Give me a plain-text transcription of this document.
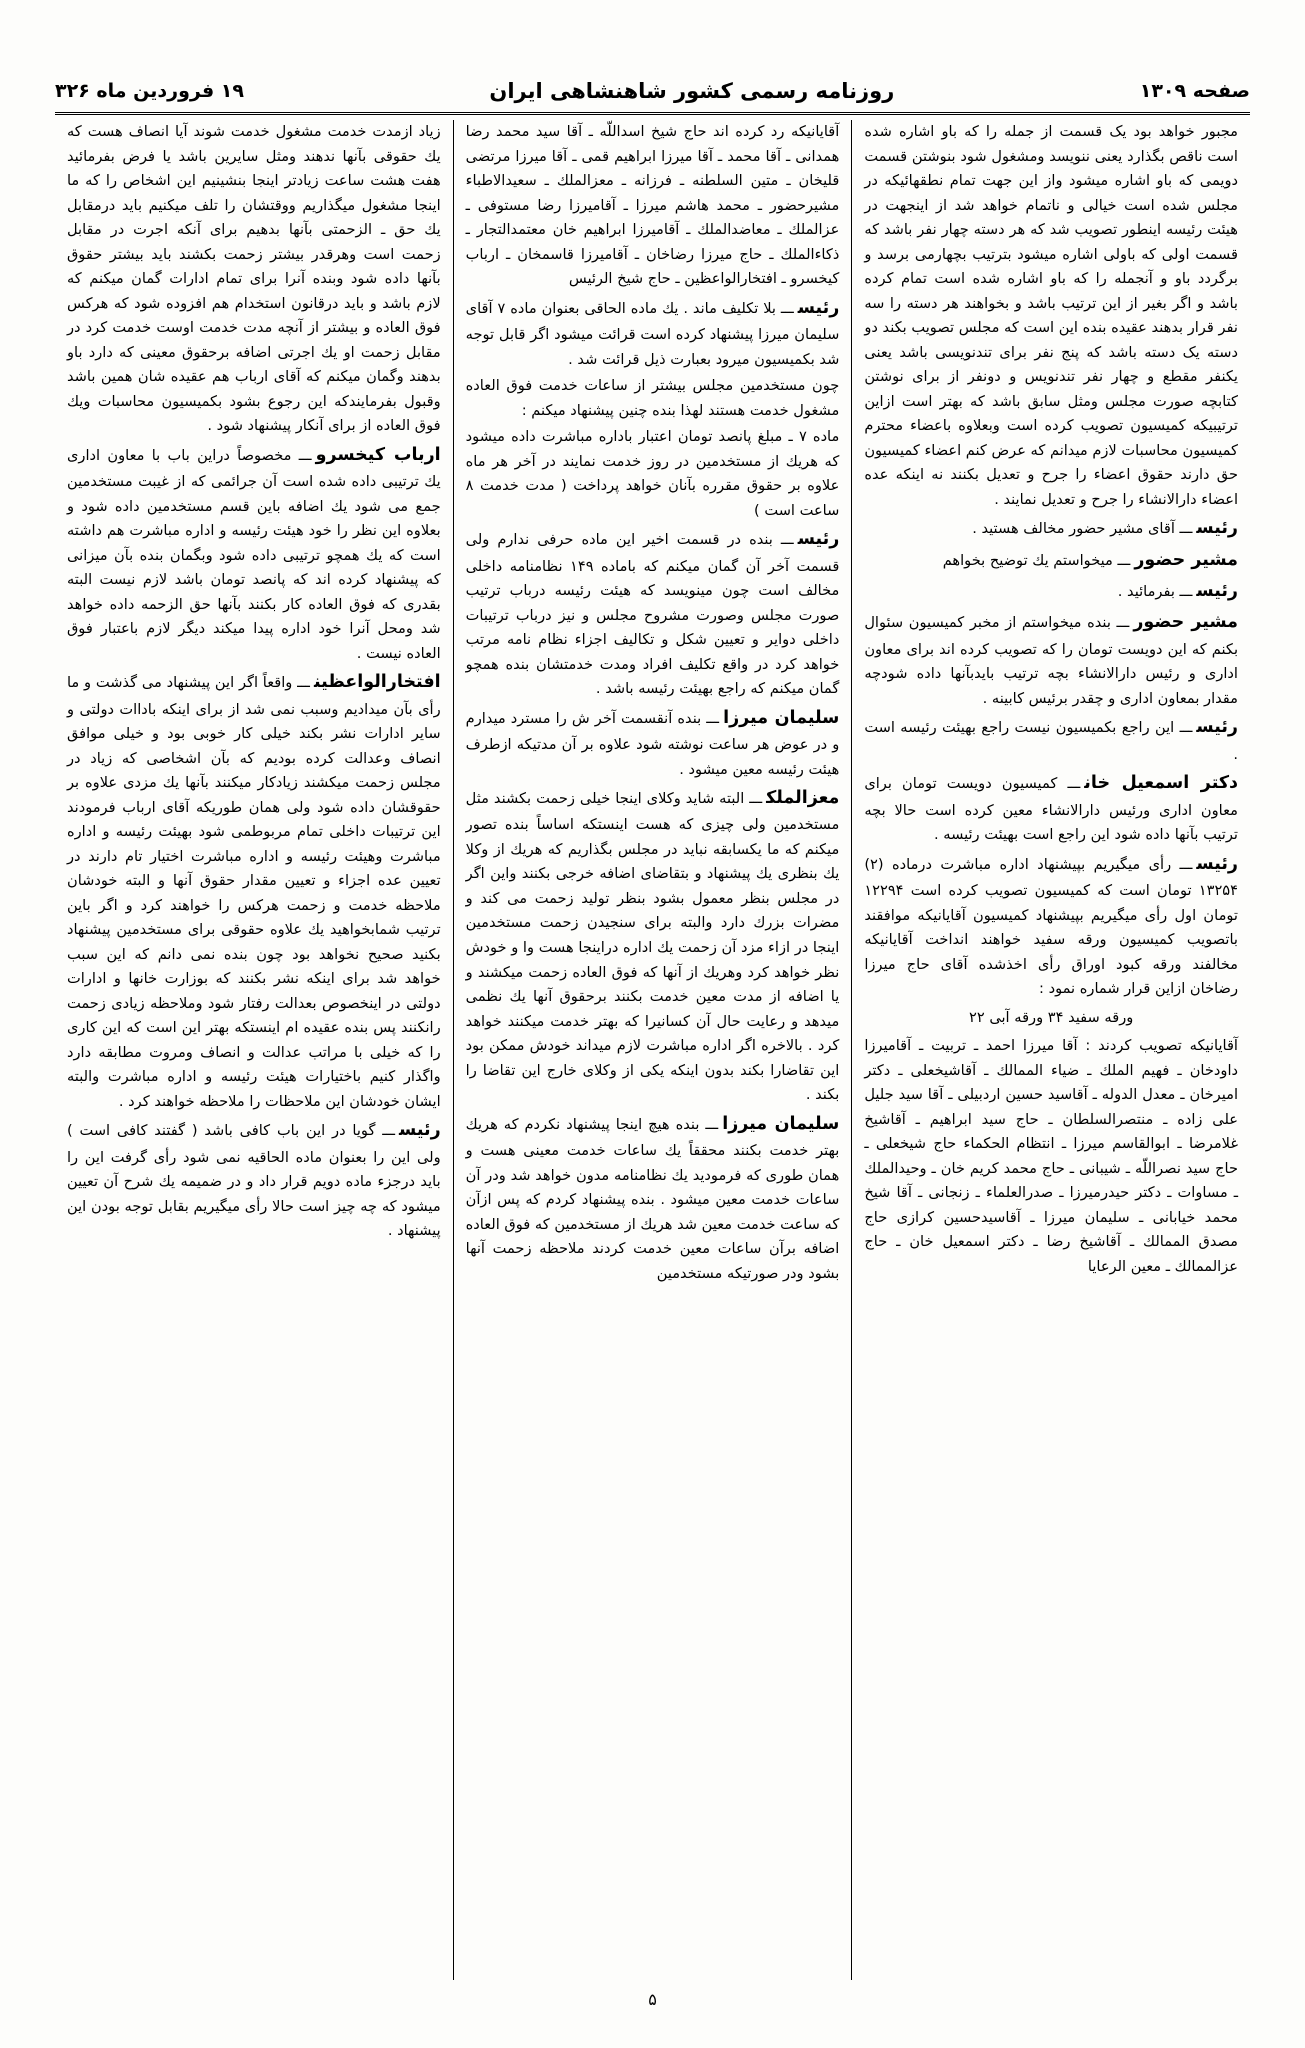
صفحه ۱۳۰۹
روزنامه رسمی کشور شاهنشاهی ایران
۱۹ فروردین ماه ۳۲۶

مجبور خواهد بود یک قسمت از جمله را که باو اشاره شده است ناقص بگذارد یعنی ننویسد ومشغول شود بنوشتن قسمت دویمی که باو اشاره میشود واز این جهت تمام نطقهائیکه در مجلس شده است خیالی و ناتمام خواهد شد از اینجهت در هیئت رئیسه اینطور تصویب شد که هر دسته چهار نفر باشد که قسمت اولی که باولی اشاره میشود بترتیب بچهارمی برسد و برگردد باو و آنجمله را که باو اشاره شده است تمام کرده باشد و اگر بغیر از این ترتیب باشد و بخواهند هر دسته را سه نفر قرار بدهند عقیده بنده این است که مجلس تصویب بکند دو دسته یک دسته باشد که پنج نفر برای تندنویسی باشد یعنی یکنفر مقطع و چهار نفر تندنویس و دونفر از برای نوشتن کتابچه صورت مجلس ومثل سابق باشد که بهتر است ازاین ترتیبیکه کمیسیون تصویب کرده است وبعلاوه باعضاء محترم کمیسیون محاسبات لازم میدانم که عرض کنم اعضاء کمیسیون حق دارند حقوق اعضاء را جرح و تعدیل بکنند نه اینکه عده اعضاء دارالانشاء را جرح و تعدیل نمایند .

رئیســـ آقای مشیر حضور مخالف هستید .

مشیر حضورـــ میخواستم یك توضیح بخواهم

رئیســـ بفرمائید .

مشیر حضورـــ بنده میخواستم از مخبر کمیسیون سئوال بکنم که این دویست تومان را که تصویب کرده اند برای معاون اداری و رئیس دارالانشاء بچه ترتیب بایدبآنها داده شودچه مقدار بمعاون اداری و چقدر برئیس کابینه .

رئیســـ این راجع بکمیسیون نیست راجع بهیئت رئیسه است .

دکتر اسمعیل خانـــ کمیسیون دویست تومان برای معاون اداری ورئیس دارالانشاء معین کرده است حالا بچه ترتیب بآنها داده شود این راجع است بهیئت رئیسه .

رئیســـ رأی میگیریم بپیشنهاد اداره مباشرت درماده (۲) ۱۳۲۵۴ تومان است که کمیسیون تصویب کرده است ۱۲۲۹۴ تومان اول رأی میگیریم بپیشنهاد کمیسیون آقایانیکه موافقند باتصویب کمیسیون ورقه سفید خواهند انداخت آقایانیکه مخالفند ورقه کبود اوراق رأی اخذشده آقای حاج میرزا رضاخان ازاین قرار شماره نمود :

ورقه سفید ۳۴ ورقه آبی ۲۲

آقایانیکه تصویب کردند : آقا میرزا احمد ـ تربیت ـ آقامیرزا داودخان ـ فهیم الملك ـ ضیاء الممالك ـ آقاشیخعلی ـ دکتر امیرخان ـ معدل الدوله ـ آقاسید حسین اردبیلی ـ آقا سید جلیل علی زاده ـ منتصرالسلطان ـ حاج سید ابراهیم ـ آقاشیخ غلامرضا ـ ابوالقاسم میرزا ـ انتظام الحکماء حاج شیخعلی ـ حاج سید نصراللّه ـ شیبانی ـ حاج محمد کریم خان ـ وحیدالملك ـ مساوات ـ دکتر حیدرمیرزا ـ صدرالعلماء ـ زنجانی ـ آقا شیخ محمد خیابانی ـ سلیمان میرزا ـ آقاسیدحسین کرازی حاج مصدق الممالك ـ آقاشیخ رضا ـ دکتر اسمعیل خان ـ حاج عزالممالك ـ معین الرعایا

آقایانیکه رد کرده اند حاج شیخ اسداللّه ـ آقا سید محمد رضا همدانی ـ آقا محمد ـ آقا میرزا ابراهیم قمی ـ آقا میرزا مرتضی قلیخان ـ متین السلطنه ـ فرزانه ـ معزالملك ـ سعیدالاطباء مشیرحضور ـ محمد هاشم میرزا ـ آقامیرزا رضا مستوفی ـ عزالملك ـ معاضدالملك ـ آقامیرزا ابراهیم خان معتمدالتجار ـ ذکاءالملك ـ حاج میرزا رضاخان ـ آقامیرزا قاسمخان ـ ارباب کیخسرو ـ افتخارالواعظین ـ حاج شیخ الرئیس

رئیســـ بلا تکلیف ماند . یك ماده الحاقی بعنوان ماده ۷ آقای سلیمان میرزا پیشنهاد کرده است قرائت میشود اگر قابل توجه شد بکمیسیون میرود بعبارت ذیل قرائت شد .

چون مستخدمین مجلس بیشتر از ساعات خدمت فوق العاده مشغول خدمت هستند لهذا بنده چنین پیشنهاد میکنم :

ماده ۷ ـ مبلغ پانصد تومان اعتبار باداره مباشرت داده میشود که هریك از مستخدمین در روز خدمت نمایند در آخر هر ماه علاوه بر حقوق مقرره بآنان خواهد پرداخت ( مدت خدمت ۸ ساعت است )

رئیســـ بنده در قسمت اخیر این ماده حرفی ندارم ولی قسمت آخر آن گمان میکنم که باماده ۱۴۹ نظامنامه داخلی مخالف است چون مینویسد که هیئت رئیسه درباب ترتیب صورت مجلس وصورت مشروح مجلس و نیز درباب ترتیبات داخلی دوایر و تعیین شکل و تکالیف اجزاء نظام نامه مرتب خواهد کرد در واقع تکلیف افراد ومدت خدمتشان بنده همچو گمان میکنم که راجع بهیئت رئیسه باشد .

سلیمان میرزاـــ بنده آنقسمت آخر ش را مسترد میدارم و در عوض هر ساعت نوشته شود علاوه بر آن مدتیکه ازطرف هیئت رئیسه معین میشود .

معزالملكـــ البته شاید وکلای اینجا خیلی زحمت بکشند مثل مستخدمین ولی چیزی که هست اینستکه اساساً بنده تصور میکنم که ما یکسابقه نباید در مجلس بگذاریم که هریك از وکلا یك بنظری یك پیشنهاد و بتقاضای اضافه خرجی بکنند واین اگر در مجلس بنظر معمول بشود بنظر تولید زحمت می کند و مضرات بزرك دارد والبته برای سنجیدن زحمت مستخدمین اینجا در ازاء مزد آن زحمت یك اداره دراینجا هست وا و خودش نظر خواهد کرد وهریك از آنها که فوق العاده زحمت میکشند و یا اضافه از مدت معین خدمت بکنند برحقوق آنها یك نظمی میدهد و رعایت حال آن کسانیرا که بهتر خدمت میکنند خواهد کرد . بالاخره اگر اداره مباشرت لازم میداند خودش ممکن بود این تقاضارا بکند بدون اینکه یکی از وکلای خارج این تقاضا را بکند .

سلیمان میرزاـــ بنده هیچ اینجا پیشنهاد نکردم که هریك بهتر خدمت بکنند محققاً یك ساعات خدمت معینی هست و همان طوری که فرمودید یك نظامنامه مدون خواهد شد ودر آن ساعات خدمت معین میشود . بنده پیشنهاد کردم که پس ازآن که ساعت خدمت معین شد هریك از مستخدمین که فوق العاده اضافه برآن ساعات معین خدمت کردند ملاحظه زحمت آنها بشود ودر صورتیکه مستخدمین

زیاد ازمدت خدمت مشغول خدمت شوند آیا انصاف هست که یك حقوقی بآنها ندهند ومثل سایرین باشد یا فرض بفرمائید هفت هشت ساعت زیادتر اینجا بنشینیم این اشخاص را که ما اینجا مشغول میگذاریم ووقتشان را تلف میکنیم باید درمقابل یك حق ـ الزحمتی بآنها بدهیم برای آنکه اجرت در مقابل زحمت است وهرقدر بیشتر زحمت بکشند باید بیشتر حقوق بآنها داده شود وبنده آنرا برای تمام ادارات گمان میکنم که لازم باشد و باید درقانون استخدام هم افزوده شود که هرکس فوق العاده و بیشتر از آنچه مدت خدمت اوست خدمت کرد در مقابل زحمت او یك اجرتی اضافه برحقوق معینی که دارد باو بدهند وگمان میکنم که آقای ارباب هم عقیده شان همین باشد وقبول بفرمایندکه این رجوع بشود بکمیسیون محاسبات ویك فوق العاده از برای آنکار پیشنهاد شود .

ارباب کیخسروـــ مخصوصاً دراین باب با معاون اداری یك ترتیبی داده شده است آن جرائمی که از غیبت مستخدمین جمع می شود یك اضافه باین قسم مستخدمین داده شود و بعلاوه این نظر را خود هیئت رئیسه و اداره مباشرت هم داشته است که یك همچو ترتیبی داده شود وبگمان بنده بآن میزانی که پیشنهاد کرده اند که پانصد تومان باشد لازم نیست البته بقدری که فوق العاده کار بکنند بآنها حق الزحمه داده خواهد شد ومحل آنرا خود اداره پیدا میکند دیگر لازم باعتبار فوق العاده نیست .

افتخارالواعظینـــ واقعاً اگر این پیشنهاد می گذشت و ما رأی بآن میدادیم وسبب نمی شد از برای اینکه باداات دولتی و سایر ادارات نشر بکند خیلی کار خوبی بود و خیلی موافق انصاف وعدالت کرده بودیم که بآن اشخاصی که زیاد در مجلس زحمت میکشند زیادکار میکنند بآنها یك مزدی علاوه بر حقوقشان داده شود ولی همان طوریکه آقای ارباب فرمودند این ترتیبات داخلی تمام مربوطمی شود بهیئت رئیسه و اداره مباشرت وهیئت رئیسه و اداره مباشرت اختیار تام دارند در تعیین عده اجزاء و تعیین مقدار حقوق آنها و البته خودشان ملاحظه خدمت و زحمت هرکس را خواهند کرد و اگر باین ترتیب شمابخواهید یك علاوه حقوقی برای مستخدمین پیشنهاد بکنید صحیح نخواهد بود چون بنده نمی دانم که این سبب خواهد شد برای اینکه نشر بکنند که بوزارت خانها و ادارات دولتی در اینخصوص بعدالت رفتار شود وملاحظه زیادی زحمت رانکنند پس بنده عقیده ام اینستکه بهتر این است که این کاری را که خیلی با مراتب عدالت و انصاف ومروت مطابقه دارد واگذار کنیم باختیارات هیئت رئیسه و اداره مباشرت والبته ایشان خودشان این ملاحظات را ملاحظه خواهند کرد .

رئیســـ گویا در این باب کافی باشد ( گفتند کافی است ) ولی این را بعنوان ماده الحاقیه نمی شود رأی گرفت این را باید درجزء ماده دویم قرار داد و در ضمیمه یك شرح آن تعیین میشود که چه چیز است حالا رأی میگیریم بقابل توجه بودن این پیشنهاد .

۵
